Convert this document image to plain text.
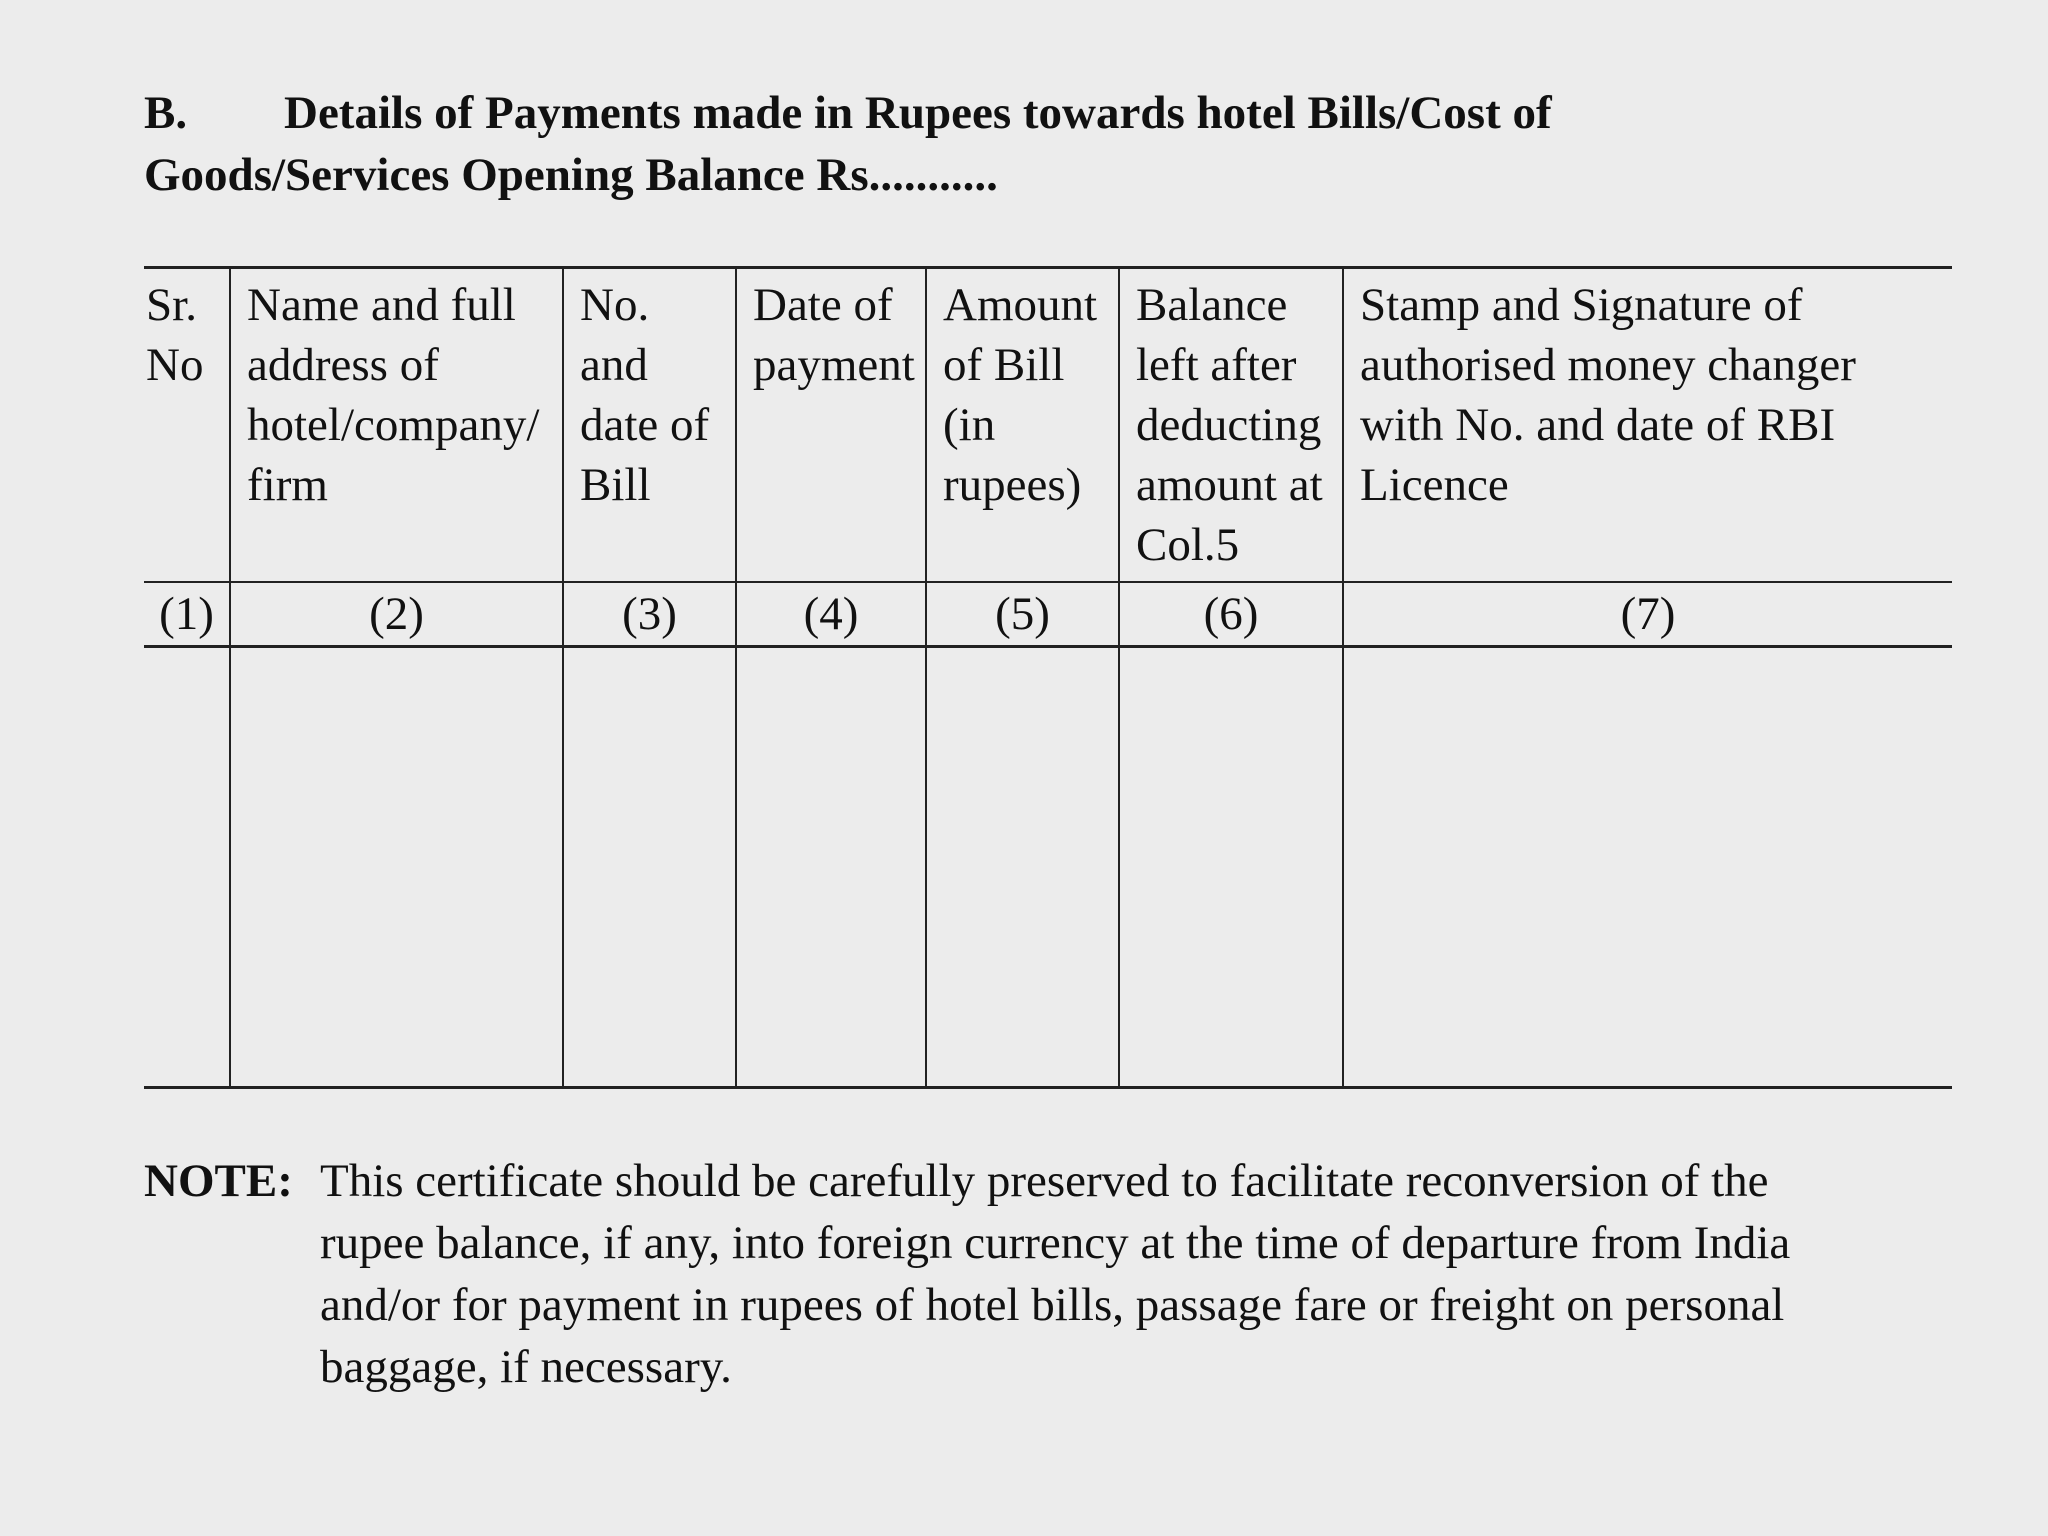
B. Details of Payments made in Rupees towards hotel Bills/Cost of
Goods/Services Opening Balance Rs...........
Sr. No	Name and full address of hotel/company/ firm	No. and date of Bill	Date of payment	Amount of Bill (in rupees)	Balance left after deducting amount at Col.5	Stamp and Signature of authorised money changer with No. and date of RBI Licence
(1)	(2)	(3)	(4)	(5)	(6)	(7)

NOTE: This certificate should be carefully preserved to facilitate reconversion of the rupee balance, if any, into foreign currency at the time of departure from India and/or for payment in rupees of hotel bills, passage fare or freight on personal baggage, if necessary.
